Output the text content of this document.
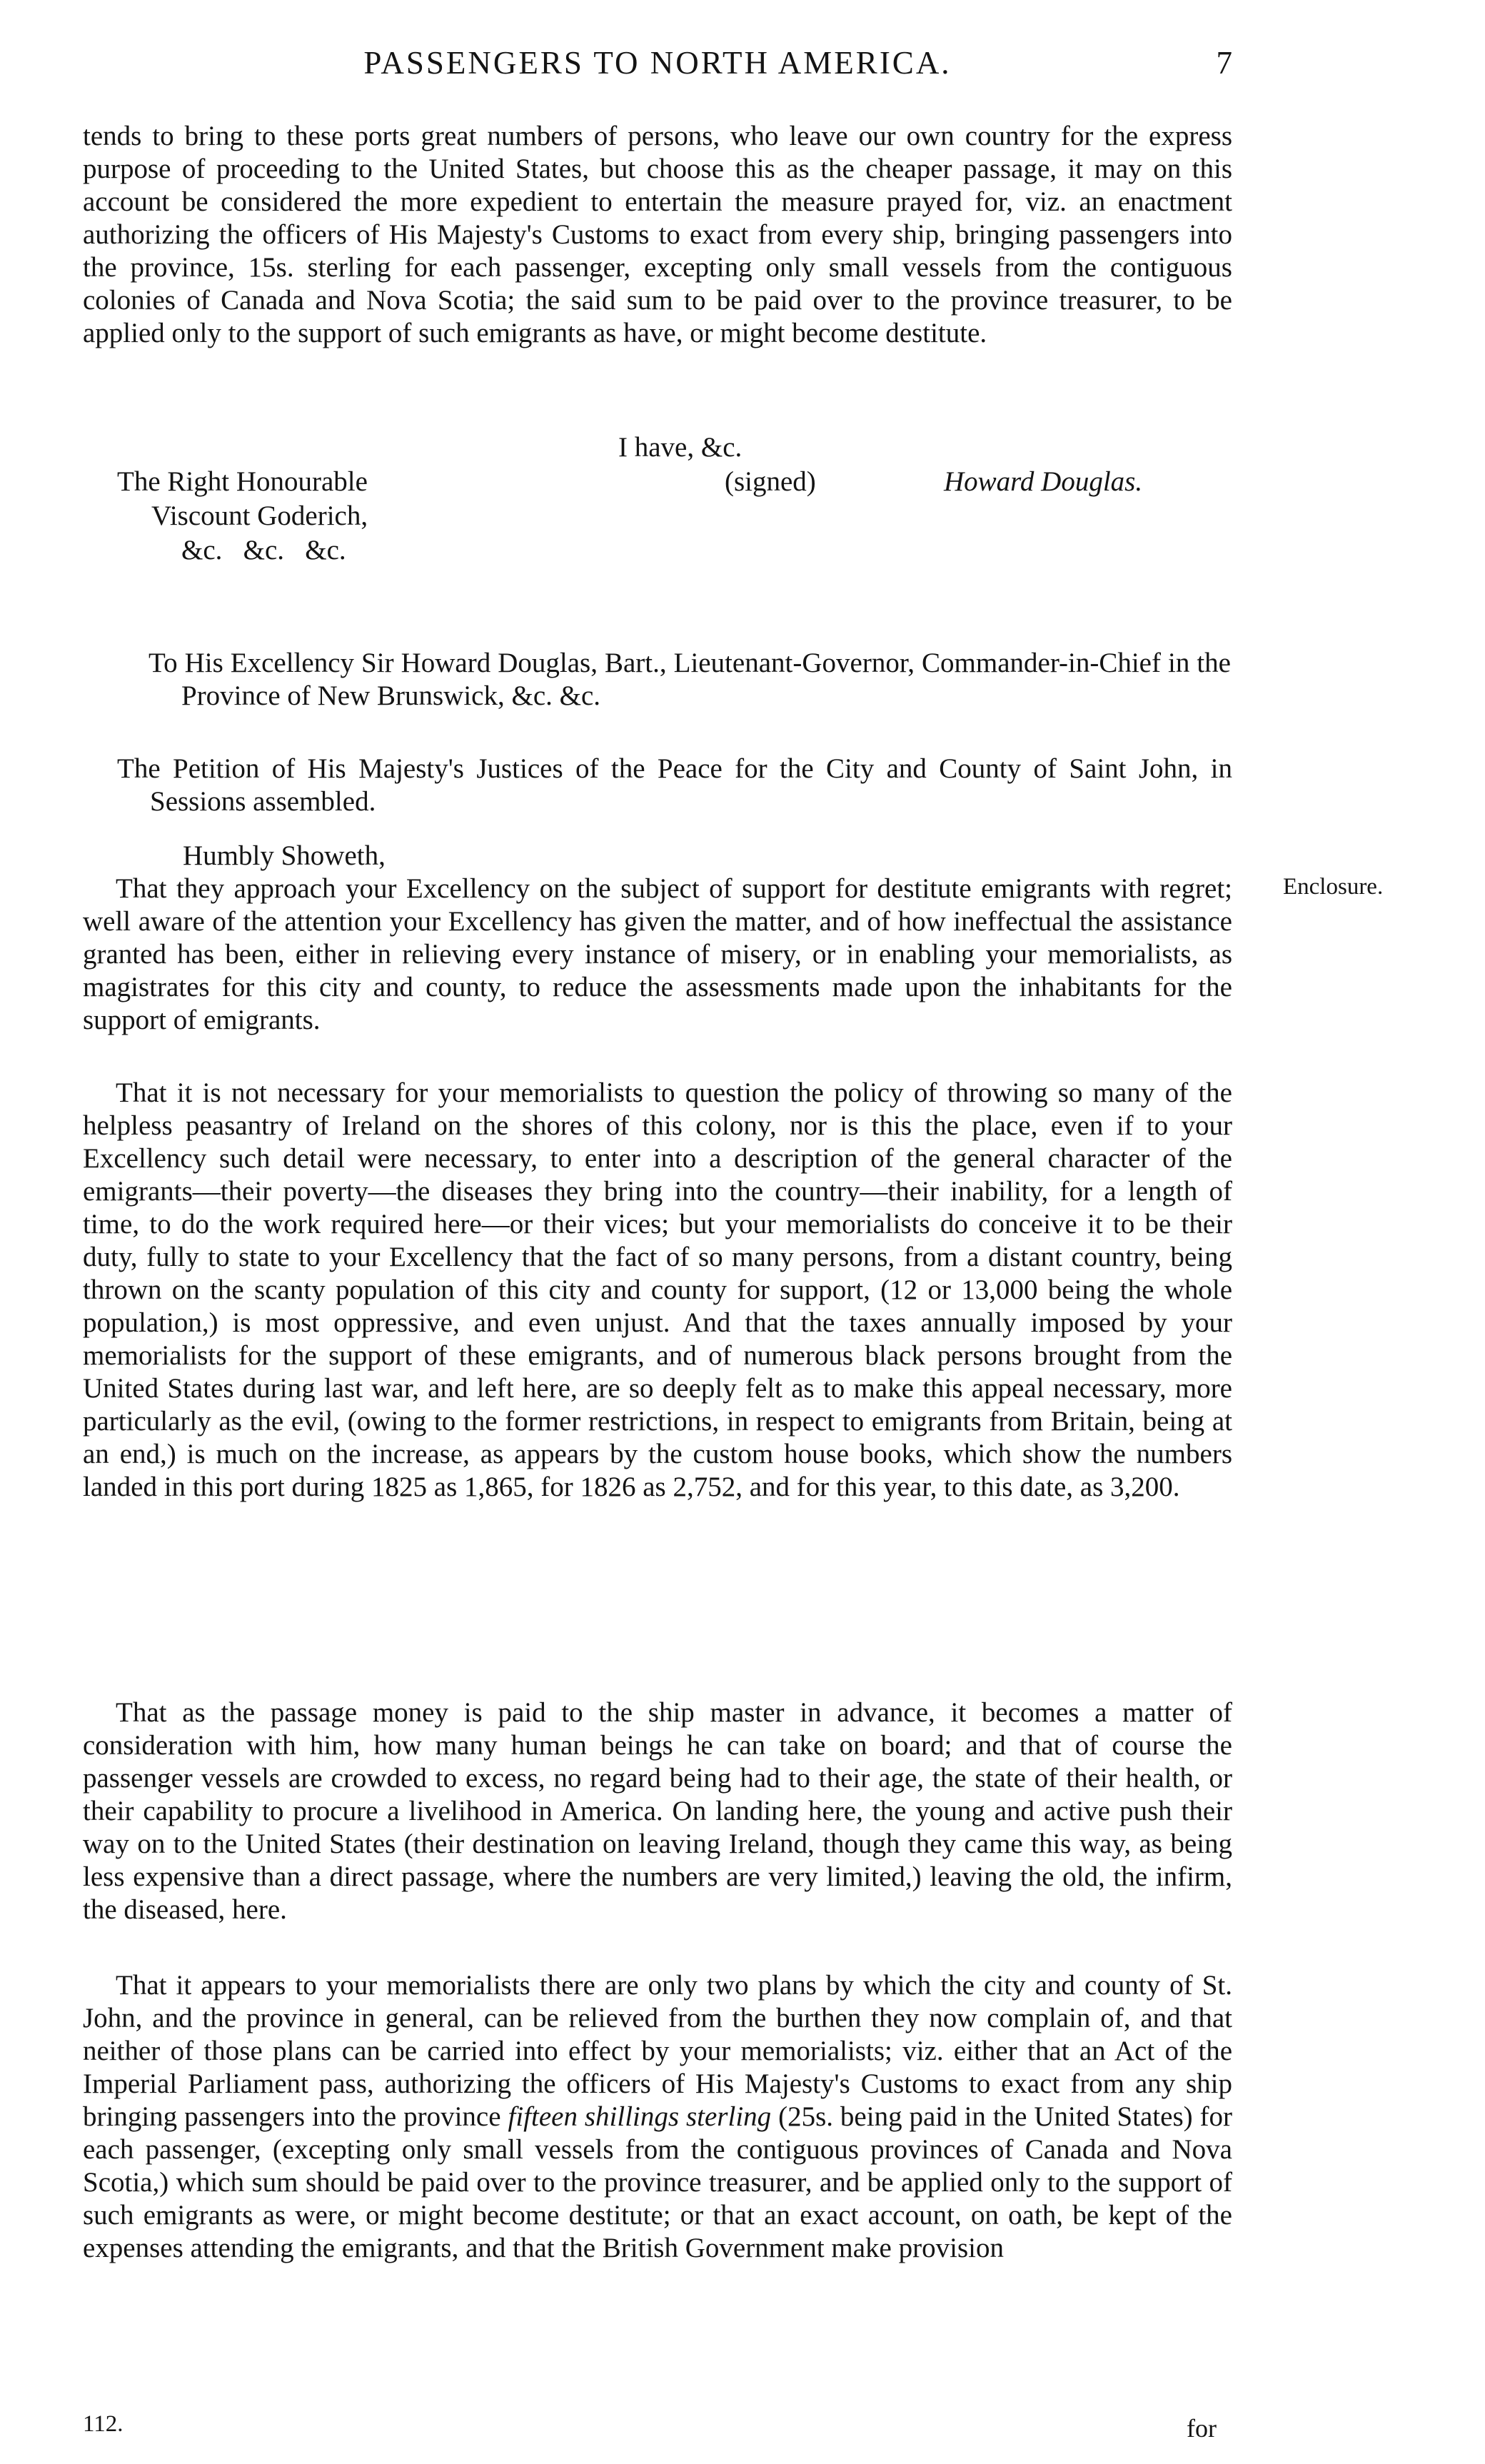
PASSENGERS TO NORTH AMERICA.	7

tends to bring to these ports great numbers of persons, who leave our own country for the express purpose of proceeding to the United States, but choose this as the cheaper passage, it may on this account be considered the more expedient to entertain the measure prayed for, viz. an enactment authorizing the officers of His Majesty's Customs to exact from every ship, bringing passengers into the province, 15s. sterling for each passenger, excepting only small vessels from the contiguous colonies of Canada and Nova Scotia; the said sum to be paid over to the province treasurer, to be applied only to the support of such emigrants as have, or might become destitute.

I have, &c.
The Right Honourable	(signed)	Howard Douglas.
Viscount Goderich,
&c.   &c.   &c.

To His Excellency Sir Howard Douglas, Bart., Lieutenant-Governor, Commander-in-Chief in the Province of New Brunswick, &c. &c.

The Petition of His Majesty's Justices of the Peace for the City and County of Saint John, in Sessions assembled.

Humbly Showeth,
Enclosure.

That they approach your Excellency on the subject of support for destitute emigrants with regret; well aware of the attention your Excellency has given the matter, and of how ineffectual the assistance granted has been, either in relieving every instance of misery, or in enabling your memorialists, as magistrates for this city and county, to reduce the assessments made upon the inhabitants for the support of emigrants.

That it is not necessary for your memorialists to question the policy of throwing so many of the helpless peasantry of Ireland on the shores of this colony, nor is this the place, even if to your Excellency such detail were necessary, to enter into a description of the general character of the emigrants—their poverty—the diseases they bring into the country—their inability, for a length of time, to do the work required here—or their vices; but your memorialists do conceive it to be their duty, fully to state to your Excellency that the fact of so many persons, from a distant country, being thrown on the scanty population of this city and county for support, (12 or 13,000 being the whole population,) is most oppressive, and even unjust. And that the taxes annually imposed by your memorialists for the support of these emigrants, and of numerous black persons brought from the United States during last war, and left here, are so deeply felt as to make this appeal necessary, more particularly as the evil, (owing to the former restrictions, in respect to emigrants from Britain, being at an end,) is much on the increase, as appears by the custom house books, which show the numbers landed in this port during 1825 as 1,865, for 1826 as 2,752, and for this year, to this date, as 3,200.

That as the passage money is paid to the ship master in advance, it becomes a matter of consideration with him, how many human beings he can take on board; and that of course the passenger vessels are crowded to excess, no regard being had to their age, the state of their health, or their capability to procure a livelihood in America. On landing here, the young and active push their way on to the United States (their destination on leaving Ireland, though they came this way, as being less expensive than a direct passage, where the numbers are very limited,) leaving the old, the infirm, the diseased, here.

That it appears to your memorialists there are only two plans by which the city and county of St. John, and the province in general, can be relieved from the burthen they now complain of, and that neither of those plans can be carried into effect by your memorialists; viz. either that an Act of the Imperial Parliament pass, authorizing the officers of His Majesty's Customs to exact from any ship bringing passengers into the province fifteen shillings sterling (25s. being paid in the United States) for each passenger, (excepting only small vessels from the contiguous provinces of Canada and Nova Scotia,) which sum should be paid over to the province treasurer, and be applied only to the support of such emigrants as were, or might become destitute; or that an exact account, on oath, be kept of the expenses attending the emigrants, and that the British Government make provision

112.	for
